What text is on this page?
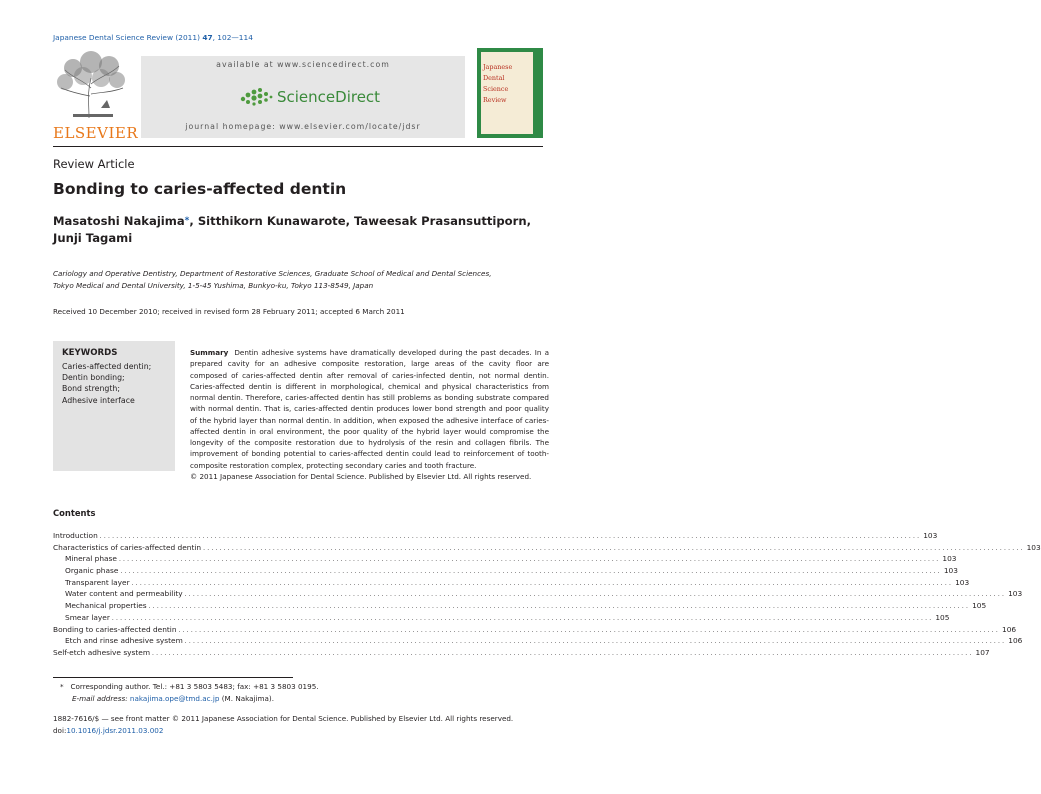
Japanese Dental Science Review (2011) 47, 102—114
ELSEVIER
available at www.sciencedirect.com
ScienceDirect
journal homepage: www.elsevier.com/locate/jdsr
Japanese
Dental
Science
Review
Review Article
Bonding to caries-affected dentin
Masatoshi Nakajima*, Sitthikorn Kunawarote, Taweesak Prasansuttiporn,
Junji Tagami
Cariology and Operative Dentistry, Department of Restorative Sciences, Graduate School of Medical and Dental Sciences,
Tokyo Medical and Dental University, 1-5-45 Yushima, Bunkyo-ku, Tokyo 113-8549, Japan
Received 10 December 2010; received in revised form 28 February 2011; accepted 6 March 2011
KEYWORDS
Caries-affected dentin;
Dentin bonding;
Bond strength;
Adhesive interface
Summary Dentin adhesive systems have dramatically developed during the past decades. In a prepared cavity for an adhesive composite restoration, large areas of the cavity floor are composed of caries-affected dentin after removal of caries-infected dentin, not normal dentin. Caries-affected dentin is different in morphological, chemical and physical characteristics from normal dentin. Therefore, caries-affected dentin has still problems as bonding substrate compared with normal dentin. That is, caries-affected dentin produces lower bond strength and poor quality of the hybrid layer than normal dentin. In addition, when exposed the adhesive interface of caries-affected dentin in oral environment, the poor quality of the hybrid layer would compromise the longevity of the composite restoration due to hydrolysis of the resin and collagen fibrils. The improvement of bonding potential to caries-affected dentin could lead to reinforcement of tooth-composite restoration complex, protecting secondary caries and tooth fracture.
© 2011 Japanese Association for Dental Science. Published by Elsevier Ltd. All rights reserved.
Contents
Introduction ........................................................................................................................................................................................................ 103
Characteristics of caries-affected dentin ........................................................................................................................................................................................................ 103
Mineral phase ........................................................................................................................................................................................................ 103
Organic phase ........................................................................................................................................................................................................ 103
Transparent layer ........................................................................................................................................................................................................ 103
Water content and permeability ........................................................................................................................................................................................................ 103
Mechanical properties ........................................................................................................................................................................................................ 105
Smear layer ........................................................................................................................................................................................................ 105
Bonding to caries-affected dentin ........................................................................................................................................................................................................ 106
Etch and rinse adhesive system ........................................................................................................................................................................................................ 106
Self-etch adhesive system ........................................................................................................................................................................................................ 107
* Corresponding author. Tel.: +81 3 5803 5483; fax: +81 3 5803 0195.
E-mail address: nakajima.ope@tmd.ac.jp (M. Nakajima).
1882-7616/$ — see front matter © 2011 Japanese Association for Dental Science. Published by Elsevier Ltd. All rights reserved.
doi:10.1016/j.jdsr.2011.03.002
